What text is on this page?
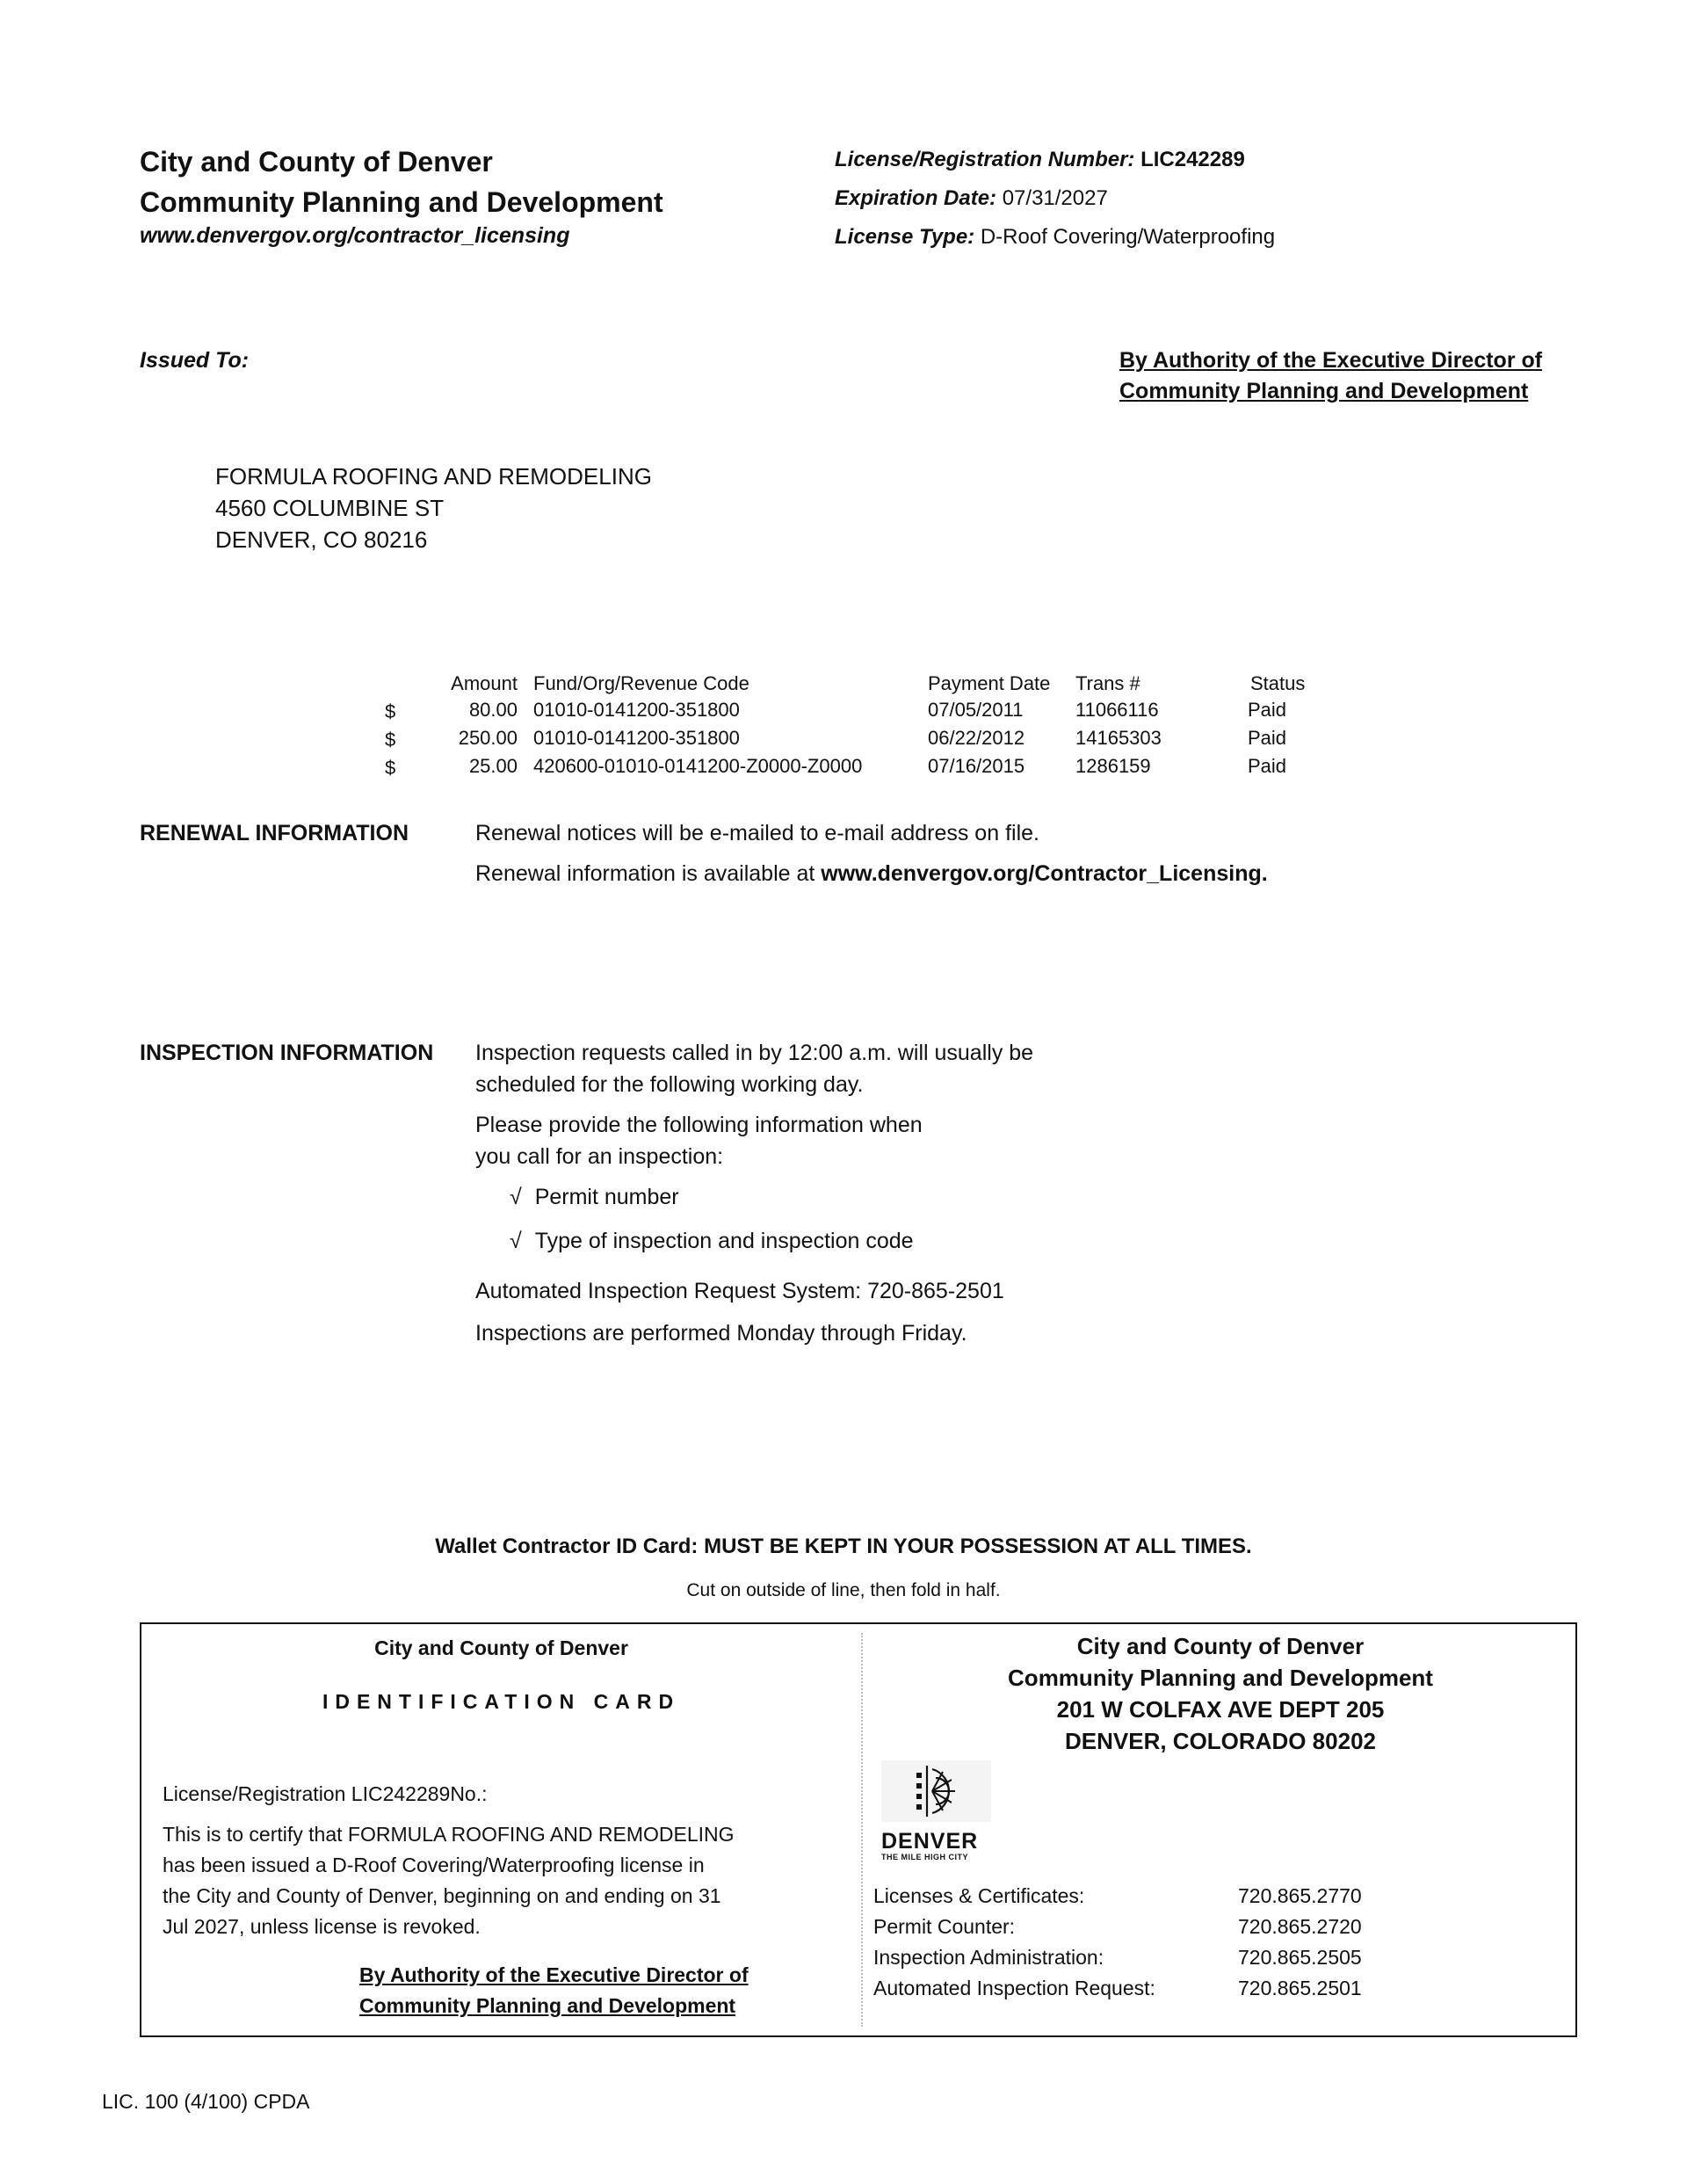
City and County of Denver
Community Planning and Development
www.denvergov.org/contractor_licensing
License/Registration Number: LIC242289
Expiration Date: 07/31/2027
License Type: D-Roof Covering/Waterproofing
Issued To:	By Authority of the Executive Director of
Community Planning and Development
FORMULA ROOFING AND REMODELING
4560 COLUMBINE ST
DENVER, CO 80216
Amount Fund/Org/Revenue Code	Payment Date Trans #	Status
$	80.00 01010-0141200-351800	07/05/2011	11066116	Paid
$	250.00 01010-0141200-351800	06/22/2012	14165303	Paid
$	25.00 420600-01010-0141200-Z0000-Z0000	07/16/2015	1286159	Paid
RENEWAL INFORMATION	Renewal notices will be e-mailed to e-mail address on file.
Renewal information is available at www.denvergov.org/Contractor_Licensing.
INSPECTION INFORMATION Inspection requests called in by 12:00 a.m. will usually be
scheduled for the following working day.
Please provide the following information when
you call for an inspection:
√ Permit number
√ Type of inspection and inspection code
Automated Inspection Request System: 720-865-2501
Inspections are performed Monday through Friday.
Wallet Contractor ID Card: MUST BE KEPT IN YOUR POSSESSION AT ALL TIMES.
Cut on outside of line, then fold in half.
City and County of Denver
IDENTIFICATION CARD
License/Registration LIC242289No.:
This is to certify that FORMULA ROOFING AND REMODELING
has been issued a D-Roof Covering/Waterproofing license in
the City and County of Denver, beginning on and ending on 31
Jul 2027, unless license is revoked.
By Authority of the Executive Director of
Community Planning and Development
City and County of Denver
Community Planning and Development
201 W COLFAX AVE DEPT 205
DENVER, COLORADO 80202
DENVER
THE MILE HIGH CITY
Licenses & Certificates:	720.865.2770
Permit Counter:	720.865.2720
Inspection Administration:	720.865.2505
Automated Inspection Request:	720.865.2501
LIC. 100 (4/100) CPDA
